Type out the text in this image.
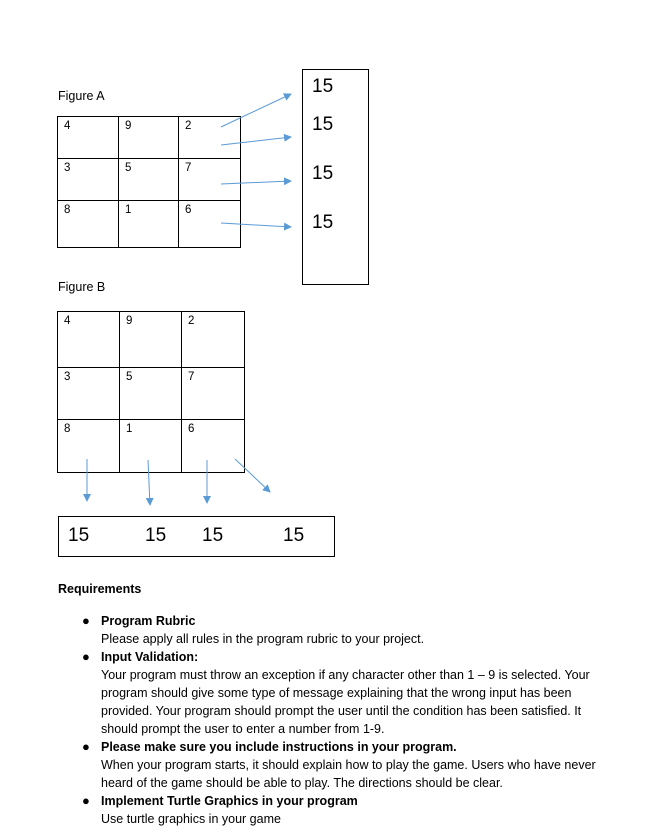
Figure A
4	9	2
3	5	7
8	1	6
15
15
15
15
Figure B
4	9	2
3	5	7
8	1	6
15	15 15	15
Requirements
● Program Rubric
Please apply all rules in the program rubric to your project.
● Input Validation:
Your program must throw an exception if any character other than 1 – 9 is selected. Your program should give some type of message explaining that the wrong input has been provided. Your program should prompt the user until the condition has been satisfied. It should prompt the user to enter a number from 1-9.
● Please make sure you include instructions in your program.
When your program starts, it should explain how to play the game. Users who have never heard of the game should be able to play. The directions should be clear.
● Implement Turtle Graphics in your program
Use turtle graphics in your game
